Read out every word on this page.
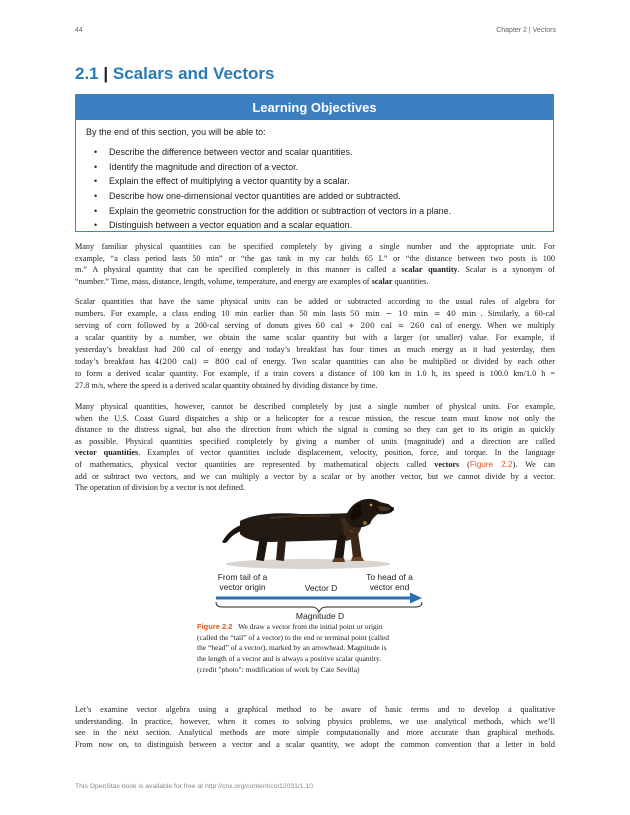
44	Chapter 2 | Vectors
2.1 | Scalars and Vectors
Learning Objectives
By the end of this section, you will be able to:
• Describe the difference between vector and scalar quantities.
• Identify the magnitude and direction of a vector.
• Explain the effect of multiplying a vector quantity by a scalar.
• Describe how one-dimensional vector quantities are added or subtracted.
• Explain the geometric construction for the addition or subtraction of vectors in a plane.
• Distinguish between a vector equation and a scalar equation.
Many familiar physical quantities can be specified completely by giving a single number and the appropriate unit. For
example, “a class period lasts 50 min” or “the gas tank in my car holds 65 L” or “the distance between two posts is 100
m.” A physical quantity that can be specified completely in this manner is called a scalar quantity. Scalar is a synonym of
“number.” Time, mass, distance, length, volume, temperature, and energy are examples of scalar quantities.
Scalar quantities that have the same physical units can be added or subtracted according to the usual rules of algebra for
numbers. For example, a class ending 10 min earlier than 50 min lasts 50 min − 10 min = 40 min . Similarly, a 60-cal
serving of corn followed by a 200-cal serving of donuts gives 60 cal + 200 cal = 260 cal of energy. When we multiply
a scalar quantity by a number, we obtain the same scalar quantity but with a larger (or smaller) value. For example, if
yesterday’s breakfast had 200 cal of energy and today’s breakfast has four times as much energy as it had yesterday, then
today’s breakfast has 4(200 cal) = 800 cal of energy. Two scalar quantities can also be multiplied or divided by each other
to form a derived scalar quantity. For example, if a train covers a distance of 100 km in 1.0 h, its speed is 100.0 km/1.0 h =
27.8 m/s, where the speed is a derived scalar quantity obtained by dividing distance by time.
Many physical quantities, however, cannot be described completely by just a single number of physical units. For example,
when the U.S. Coast Guard dispatches a ship or a helicopter for a rescue mission, the rescue team must know not only the
distance to the distress signal, but also the direction from which the signal is coming so they can get to its origin as quickly
as possible. Physical quantities specified completely by giving a number of units (magnitude) and a direction are called
vector quantities. Examples of vector quantities include displacement, velocity, position, force, and torque. In the language
of mathematics, physical vector quantities are represented by mathematical objects called vectors (Figure 2.2). We can
add or subtract two vectors, and we can multiply a vector by a scalar or by another vector, but we cannot divide by a vector.
The operation of division by a vector is not defined.
From tail of a
vector origin	Vector D
To head of a
vector end
Magnitude D
Figure 2.2 We draw a vector from the initial point or origin
(called the “tail” of a vector) to the end or terminal point (called
the “head” of a vector), marked by an arrowhead. Magnitude is
the length of a vector and is always a positive scalar quantity.
(credit "photo": modification of work by Cate Sevilla)
Let’s examine vector algebra using a graphical method to be aware of basic terms and to develop a qualitative
understanding. In practice, however, when it comes to solving physics problems, we use analytical methods, which we’ll
see in the next section. Analytical methods are more simple computationally and more accurate than graphical methods.
From now on, to distinguish between a vector and a scalar quantity, we adopt the common convention that a letter in bold
This OpenStax book is available for free at http://cnx.org/content/col12031/1.10
